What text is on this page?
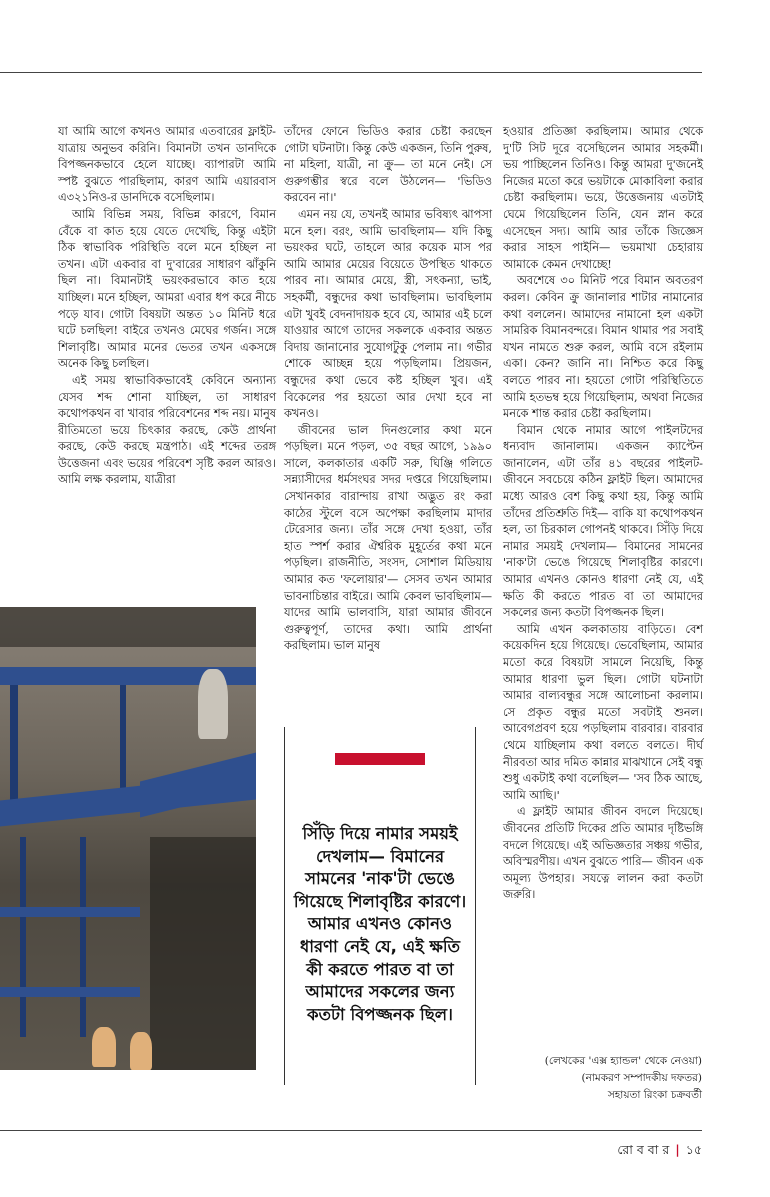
যা আমি আগে কখনও আমার এতবারের ফ্লাইট-যাত্রায় অনুভব করিনি। বিমানটা তখন ডানদিকে বিপজ্জনকভাবে হেলে যাচ্ছে। ব্যাপারটা আমি স্পষ্ট বুঝতে পারছিলাম, কারণ আমি এয়ারবাস এ৩২১নিও-র ডানদিকে বসেছিলাম।

আমি বিভিন্ন সময়, বিভিন্ন কারণে, বিমান বেঁকে বা কাত হয়ে যেতে দেখেছি, কিন্তু এইটা ঠিক স্বাভাবিক পরিস্থিতি বলে মনে হচ্ছিল না তখন। এটা একবার বা দু'বারের সাধারণ ঝাঁকুনি ছিল না। বিমানটাই ভয়ংকরভাবে কাত হয়ে যাচ্ছিল। মনে হচ্ছিল, আমরা এবার ধপ করে নীচে পড়ে যাব। গোটা বিষয়টা অন্তত ১০ মিনিট ধরে ঘটে চলছিল! বাইরে তখনও মেঘের গর্জন। সঙ্গে শিলাবৃষ্টি। আমার মনের ভেতর তখন একসঙ্গে অনেক কিছু চলছিল।

এই সময় স্বাভাবিকভাবেই কেবিনে অন্যান্য যেসব শব্দ শোনা যাচ্ছিল, তা সাধারণ কথোপকথন বা খাবার পরিবেশনের শব্দ নয়। মানুষ রীতিমতো ভয়ে চিৎকার করছে, কেউ প্রার্থনা করছে, কেউ করছে মন্ত্রপাঠ। এই শব্দের তরঙ্গ উত্তেজনা এবং ভয়ের পরিবেশ সৃষ্টি করল আরও। আমি লক্ষ করলাম, যাত্রীরা

তাঁদের ফোনে ভিডিও করার চেষ্টা করছেন গোটা ঘটনাটা। কিন্তু কেউ একজন, তিনি পুরুষ, না মহিলা, যাত্রী, না ক্রু— তা মনে নেই। সে গুরুগম্ভীর স্বরে বলে উঠলেন— 'ভিডিও করবেন না।'

এমন নয় যে, তখনই আমার ভবিষ্যৎ ঝাপসা মনে হল। বরং, আমি ভাবছিলাম— যদি কিছু ভয়ংকর ঘটে, তাহলে আর কয়েক মাস পর আমি আমার মেয়ের বিয়েতে উপস্থিত থাকতে পারব না। আমার মেয়ে, স্ত্রী, সৎকন্যা, ভাই, সহকর্মী, বন্ধুদের কথা ভাবছিলাম। ভাবছিলাম এটা খুবই বেদনাদায়ক হবে যে, আমার এই চলে যাওয়ার আগে তাদের সকলকে একবার অন্তত বিদায় জানানোর সুযোগটুকু পেলাম না। গভীর শোকে আচ্ছন্ন হয়ে পড়ছিলাম। প্রিয়জন, বন্ধুদের কথা ভেবে কষ্ট হচ্ছিল খুব। এই বিকেলের পর হয়তো আর দেখা হবে না কখনও।

জীবনের ভাল দিনগুলোর কথা মনে পড়ছিল। মনে পড়ল, ৩৫ বছর আগে, ১৯৯০ সালে, কলকাতার একটি সরু, ঘিঞ্জি গলিতে সন্ন্যাসীদের ধর্মসংঘর সদর দপ্তরে গিয়েছিলাম। সেখানকার বারান্দায় রাখা অদ্ভুত রং করা কাঠের স্টুলে বসে অপেক্ষা করছিলাম মাদার টেরেসার জন্য। তাঁর সঙ্গে দেখা হওয়া, তাঁর হাত স্পর্শ করার ঐশ্বরিক মুহূর্তের কথা মনে পড়ছিল। রাজনীতি, সংসদ, সোশাল মিডিয়ায় আমার কত 'ফলোয়ার'— সেসব তখন আমার ভাবনাচিন্তার বাইরে। আমি কেবল ভাবছিলাম— যাদের আমি ভালবাসি, যারা আমার জীবনে গুরুত্বপূর্ণ, তাদের কথা। আমি প্রার্থনা করছিলাম। ভাল মানুষ

হওয়ার প্রতিজ্ঞা করছিলাম। আমার থেকে দু'টি সিট দূরে বসেছিলেন আমার সহকর্মী। ভয় পাচ্ছিলেন তিনিও। কিন্তু আমরা দু'জনেই নিজের মতো করে ভয়টাকে মোকাবিলা করার চেষ্টা করছিলাম। ভয়ে, উত্তেজনায় এতটাই ঘেমে গিয়েছিলেন তিনি, যেন স্নান করে এসেছেন সদ্য। আমি আর তাঁকে জিজ্ঞেস করার সাহস পাইনি— ভয়মাখা চেহারায় আমাকে কেমন দেখাচ্ছে!

অবশেষে ৩০ মিনিট পরে বিমান অবতরণ করল। কেবিন ক্রু জানালার শাটার নামানোর কথা বললেন। আমাদের নামানো হল একটা সামরিক বিমানবন্দরে। বিমান থামার পর সবাই যখন নামতে শুরু করল, আমি বসে রইলাম একা। কেন? জানি না। নিশ্চিত করে কিছু বলতে পারব না। হয়তো গোটা পরিস্থিতিতে আমি হতভম্ব হয়ে গিয়েছিলাম, অথবা নিজের মনকে শান্ত করার চেষ্টা করছিলাম।

বিমান থেকে নামার আগে পাইলটদের ধন্যবাদ জানালাম। একজন ক্যাপ্টেন জানালেন, এটা তাঁর ৪১ বছরের পাইলট-জীবনে সবচেয়ে কঠিন ফ্লাইট ছিল। আমাদের মধ্যে আরও বেশ কিছু কথা হয়, কিন্তু আমি তাঁদের প্রতিশ্রুতি দিই— বাকি যা কথোপকথন হল, তা চিরকাল গোপনই থাকবে। সিঁড়ি দিয়ে নামার সময়ই দেখলাম— বিমানের সামনের 'নাক'টা ভেঙে গিয়েছে শিলাবৃষ্টির কারণে। আমার এখনও কোনও ধারণা নেই যে, এই ক্ষতি কী করতে পারত বা তা আমাদের সকলের জন্য কতটা বিপজ্জনক ছিল।

আমি এখন কলকাতায় বাড়িতে। বেশ কয়েকদিন হয়ে গিয়েছে। ভেবেছিলাম, আমার মতো করে বিষয়টা সামলে নিয়েছি, কিন্তু আমার ধারণা ভুল ছিল। গোটা ঘটনাটা আমার বাল্যবন্ধুর সঙ্গে আলোচনা করলাম। সে প্রকৃত বন্ধুর মতো সবটাই শুনল। আবেগপ্রবণ হয়ে পড়ছিলাম বারবার। বারবার থেমে যাচ্ছিলাম কথা বলতে বলতে। দীর্ঘ নীরবতা আর দমিত কান্নার মাঝখানে সেই বন্ধু শুধু একটাই কথা বলেছিল— 'সব ঠিক আছে, আমি আছি।'

এ ফ্লাইট আমার জীবন বদলে দিয়েছে। জীবনের প্রতিটি দিকের প্রতি আমার দৃষ্টিভঙ্গি বদলে গিয়েছে। এই অভিজ্ঞতার সঞ্চয় গভীর, অবিস্মরণীয়। এখন বুঝতে পারি— জীবন এক অমূল্য উপহার। সযত্নে লালন করা কতটা জরুরি।

সিঁড়ি দিয়ে নামার সময়ই দেখলাম— বিমানের সামনের 'নাক'টা ভেঙে গিয়েছে শিলাবৃষ্টির কারণে। আমার এখনও কোনও ধারণা নেই যে, এই ক্ষতি কী করতে পারত বা তা আমাদের সকলের জন্য কতটা বিপজ্জনক ছিল।
(লেখকের 'এক্স হ্যান্ডল' থেকে নেওয়া)
(নামকরণ সম্পাদকীয় দফতর)
সহায়তা রিংকা চক্রবর্তী
রো ব বা র | ১৫
